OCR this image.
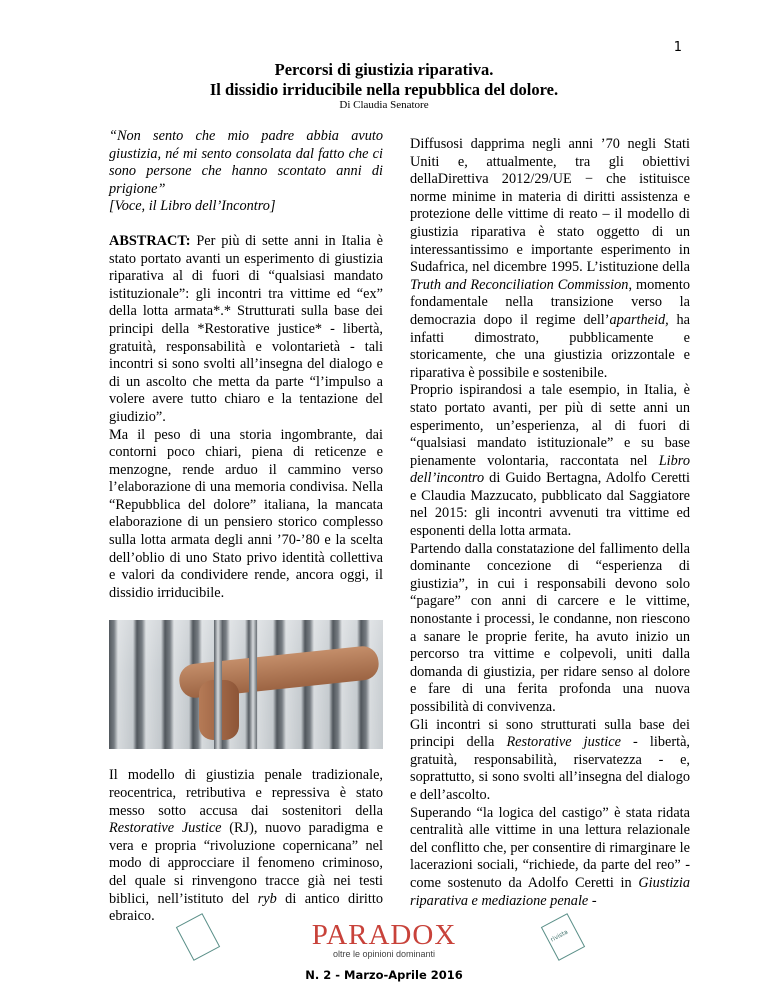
1
Percorsi di giustizia riparativa.
Il dissidio irriducibile nella repubblica del dolore.
Di Claudia Senatore

“Non sento che mio padre abbia avuto giustizia, né mi sento consolata dal fatto che ci sono persone che hanno scontato anni di prigione”
[Voce, il Libro dell’Incontro]

ABSTRACT: Per più di sette anni in Italia è stato portato avanti un esperimento di giustizia riparativa al di fuori di “qualsiasi mandato istituzionale”: gli incontri tra vittime ed “ex” della lotta armata*.* Strutturati sulla base dei principi della *Restorative justice* - libertà, gratuità, responsabilità e volontarietà - tali incontri si sono svolti all’insegna del dialogo e di un ascolto che metta da parte “l’impulso a volere avere tutto chiaro e la tentazione del giudizio”.

Ma il peso di una storia ingombrante, dai contorni poco chiari, piena di reticenze e menzogne, rende arduo il cammino verso l’elaborazione di una memoria condivisa. Nella “Repubblica del dolore” italiana, la mancata elaborazione di un pensiero storico complesso sulla lotta armata degli anni ’70-’80 e la scelta dell’oblio di uno Stato privo identità collettiva e valori da condividere rende, ancora oggi, il dissidio irriducibile.

Il modello di giustizia penale tradizionale, reocentrica, retributiva e repressiva è stato messo sotto accusa dai sostenitori della Restorative Justice (RJ), nuovo paradigma e vera e propria “rivoluzione copernicana” nel modo di approcciare il fenomeno criminoso, del quale si rinvengono tracce già nei testi biblici, nell’istituto del ryb di antico diritto ebraico.

Diffusosi dapprima negli anni ’70 negli Stati Uniti e, attualmente, tra gli obiettivi dellaDirettiva 2012/29/UE − che istituisce norme minime in materia di diritti assistenza e protezione delle vittime di reato – il modello di giustizia riparativa è stato oggetto di un interessantissimo e importante esperimento in Sudafrica, nel dicembre 1995. L’istituzione della Truth and Reconciliation Commission, momento fondamentale nella transizione verso la democrazia dopo il regime dell’apartheid, ha infatti dimostrato, pubblicamente e storicamente, che una giustizia orizzontale e riparativa è possibile e sostenibile.

Proprio ispirandosi a tale esempio, in Italia, è stato portato avanti, per più di sette anni un esperimento, un’esperienza, al di fuori di “qualsiasi mandato istituzionale” e su base pienamente volontaria, raccontata nel Libro dell’incontro di Guido Bertagna, Adolfo Ceretti e Claudia Mazzucato, pubblicato dal Saggiatore nel 2015: gli incontri avvenuti tra vittime ed esponenti della lotta armata.

Partendo dalla constatazione del fallimento della dominante concezione di “esperienza di giustizia”, in cui i responsabili devono solo “pagare” con anni di carcere e le vittime, nonostante i processi, le condanne, non riescono a sanare le proprie ferite, ha avuto inizio un percorso tra vittime e colpevoli, uniti dalla domanda di giustizia, per ridare senso al dolore e fare di una ferita profonda una nuova possibilità di convivenza.

Gli incontri si sono strutturati sulla base dei principi della Restorative justice - libertà, gratuità, responsabilità, riservatezza - e, soprattutto, si sono svolti all’insegna del dialogo e dell’ascolto.

Superando “la logica del castigo” è stata ridata centralità alle vittime in una lettura relazionale del conflitto che, per consentire di rimarginare le lacerazioni sociali, “richiede, da parte del reo” - come sostenuto da Adolfo Ceretti in Giustizia riparativa e mediazione penale -

rivista
PARADOX
oltre le opinioni dominanti
N. 2 - Marzo-Aprile 2016
